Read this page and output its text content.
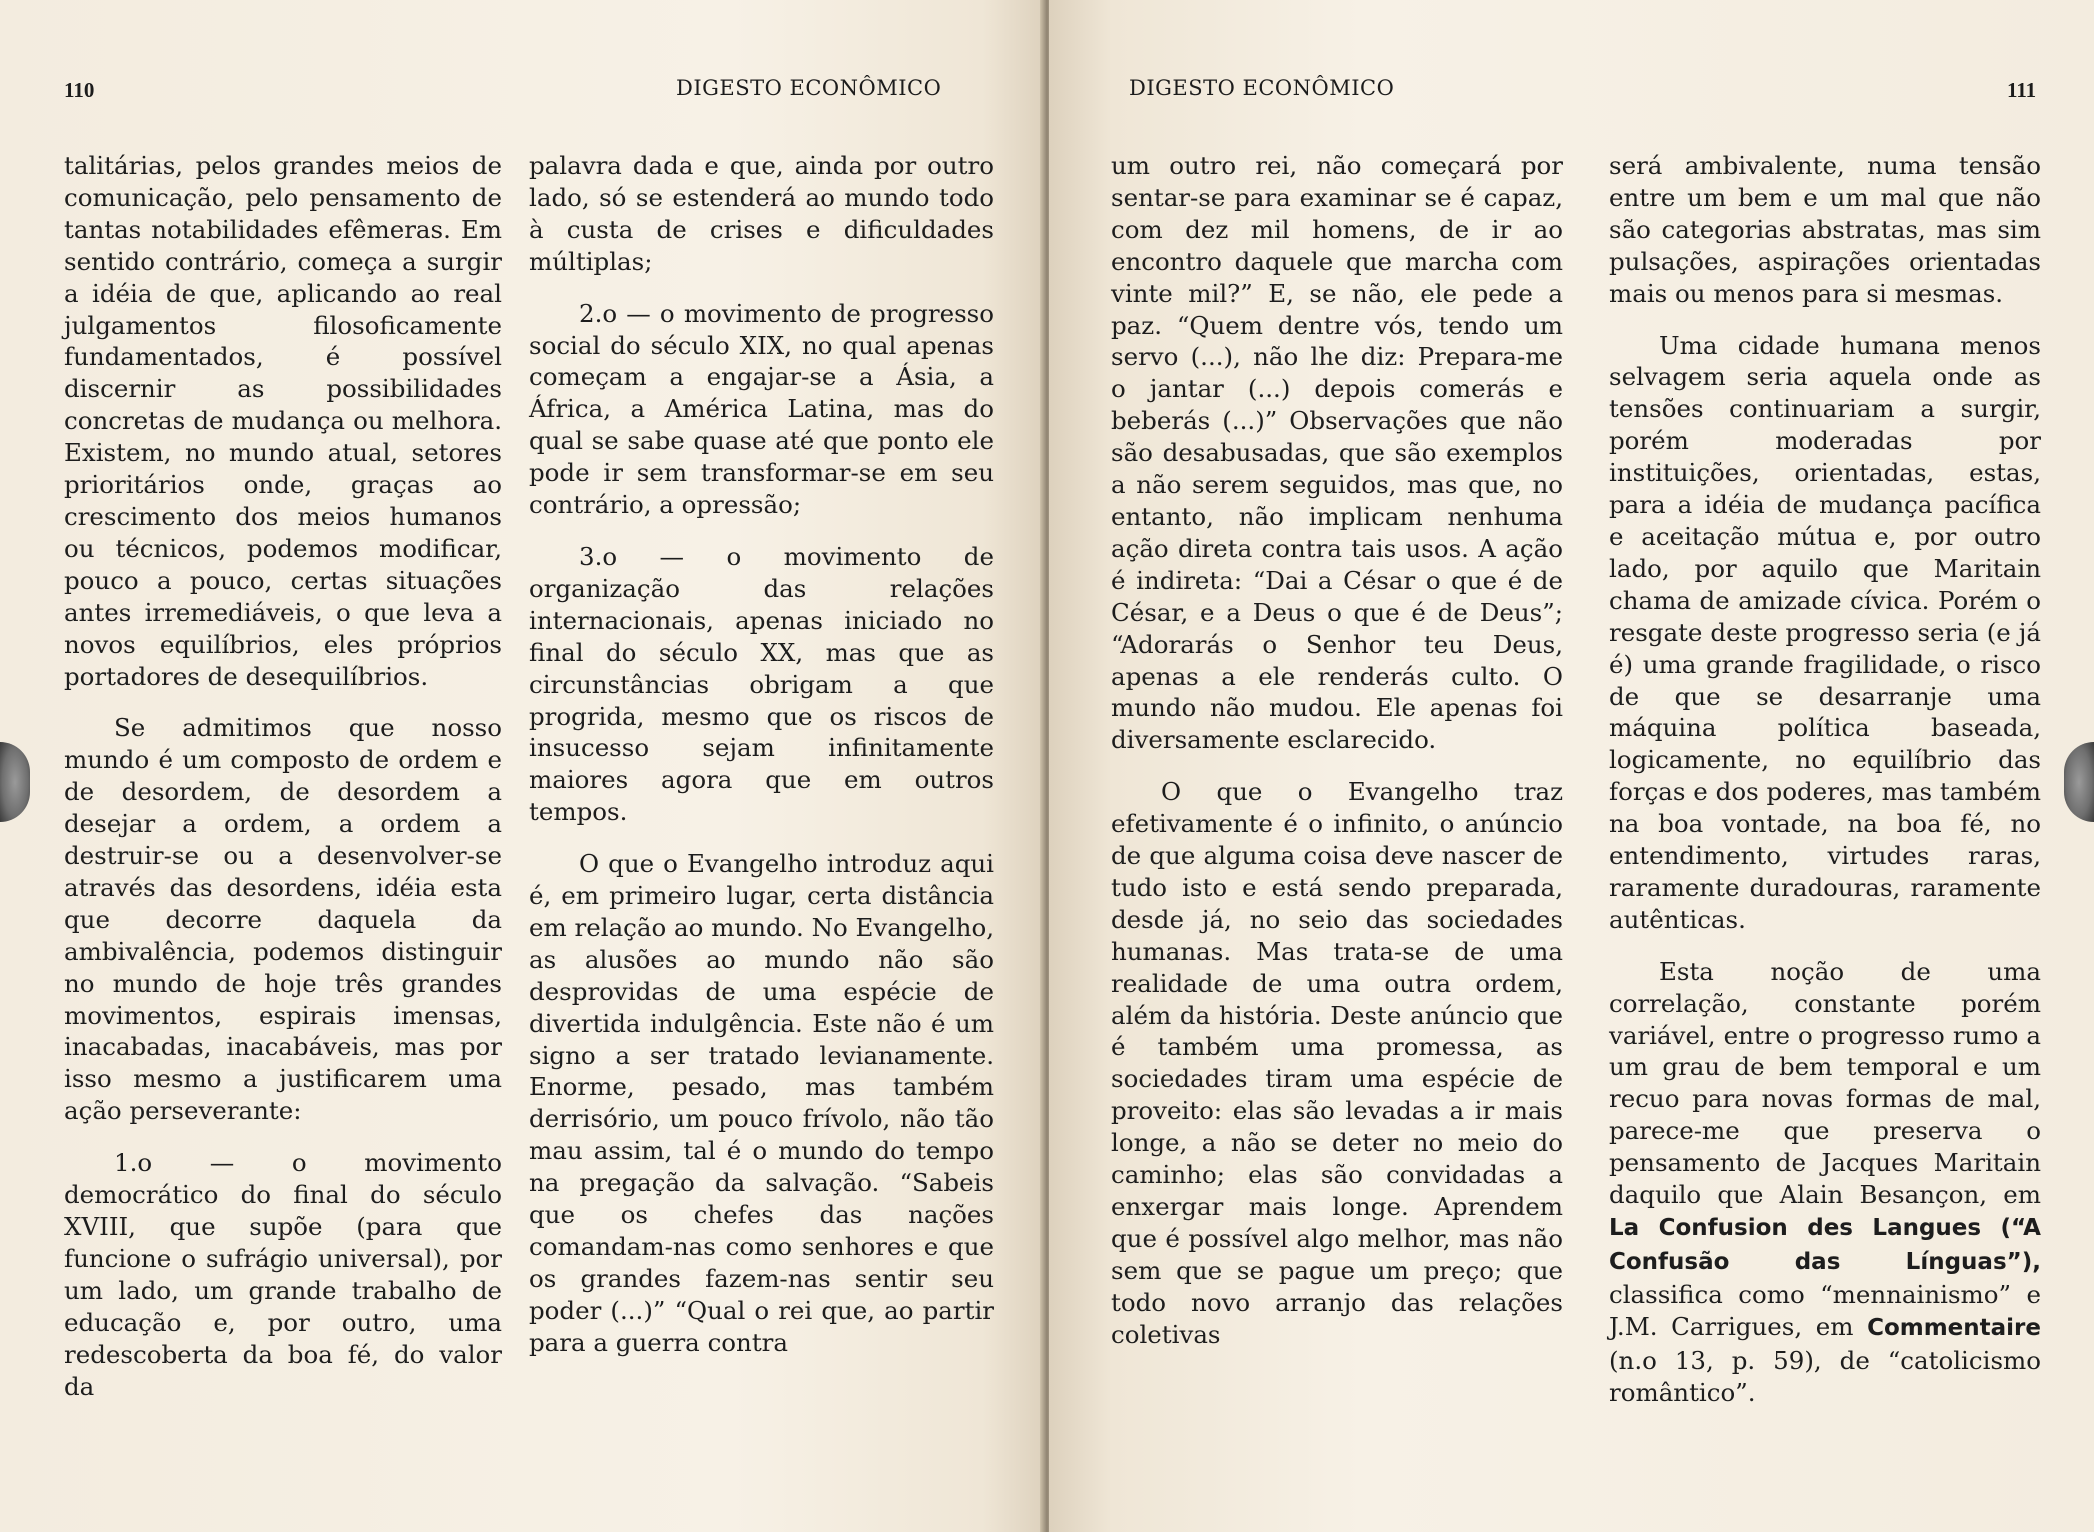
110	DIGESTO ECONÔMICO

talitárias, pelos grandes meios de comunicação, pelo pensamento de tantas notabilidades efêmeras. Em sentido contrário, começa a surgir a idéia de que, aplicando ao real julgamentos filosoficamente fundamentados, é possível discernir as possibilidades concretas de mudança ou melhora. Existem, no mundo atual, setores prioritários onde, graças ao crescimento dos meios humanos ou técnicos, podemos modificar, pouco a pouco, certas situações antes irremediáveis, o que leva a novos equilíbrios, eles próprios portadores de desequilíbrios.

Se admitimos que nosso mundo é um composto de ordem e de desordem, de desordem a desejar a ordem, a ordem a destruir-se ou a desenvolver-se através das desordens, idéia esta que decorre daquela da ambivalência, podemos distinguir no mundo de hoje três grandes movimentos, espirais imensas, inacabadas, inacabáveis, mas por isso mesmo a justificarem uma ação perseverante:

1.o — o movimento democrático do final do século XVIII, que supõe (para que funcione o sufrágio universal), por um lado, um grande trabalho de educação e, por outro, uma redescoberta da boa fé, do valor da

palavra dada e que, ainda por outro lado, só se estenderá ao mundo todo à custa de crises e dificuldades múltiplas;

2.o — o movimento de progresso social do século XIX, no qual apenas começam a engajar-se a Ásia, a África, a América Latina, mas do qual se sabe quase até que ponto ele pode ir sem transformar-se em seu contrário, a opressão;

3.o — o movimento de organização das relações internacionais, apenas iniciado no final do século XX, mas que as circunstâncias obrigam a que progrida, mesmo que os riscos de insucesso sejam infinitamente maiores agora que em outros tempos.

O que o Evangelho introduz aqui é, em primeiro lugar, certa distância em relação ao mundo. No Evangelho, as alusões ao mundo não são desprovidas de uma espécie de divertida indulgência. Este não é um signo a ser tratado levianamente. Enorme, pesado, mas também derrisório, um pouco frívolo, não tão mau assim, tal é o mundo do tempo na pregação da salvação. “Sabeis que os chefes das nações comandam-nas como senhores e que os grandes fazem-nas sentir seu poder (...)” “Qual o rei que, ao partir para a guerra contra

DIGESTO ECONÔMICO	111

um outro rei, não começará por sentar-se para examinar se é capaz, com dez mil homens, de ir ao encontro daquele que marcha com vinte mil?” E, se não, ele pede a paz. “Quem dentre vós, tendo um servo (...), não lhe diz: Prepara-me o jantar (...) depois comerás e beberás (...)” Observações que não são desabusadas, que são exemplos a não serem seguidos, mas que, no entanto, não implicam nenhuma ação direta contra tais usos. A ação é indireta: “Dai a César o que é de César, e a Deus o que é de Deus”; “Adorarás o Senhor teu Deus, apenas a ele renderás culto. O mundo não mudou. Ele apenas foi diversamente esclarecido.

O que o Evangelho traz efetivamente é o infinito, o anúncio de que alguma coisa deve nascer de tudo isto e está sendo preparada, desde já, no seio das sociedades humanas. Mas trata-se de uma realidade de uma outra ordem, além da história. Deste anúncio que é também uma promessa, as sociedades tiram uma espécie de proveito: elas são levadas a ir mais longe, a não se deter no meio do caminho; elas são convidadas a enxergar mais longe. Aprendem que é possível algo melhor, mas não sem que se pague um preço; que todo novo arranjo das relações coletivas

será ambivalente, numa tensão entre um bem e um mal que não são categorias abstratas, mas sim pulsações, aspirações orientadas mais ou menos para si mesmas.

Uma cidade humana menos selvagem seria aquela onde as tensões continuariam a surgir, porém moderadas por instituições, orientadas, estas, para a idéia de mudança pacífica e aceitação mútua e, por outro lado, por aquilo que Maritain chama de amizade cívica. Porém o resgate deste progresso seria (e já é) uma grande fragilidade, o risco de que se desarranje uma máquina política baseada, logicamente, no equilíbrio das forças e dos poderes, mas também na boa vontade, na boa fé, no entendimento, virtudes raras, raramente duradouras, raramente autênticas.

Esta noção de uma correlação, constante porém variável, entre o progresso rumo a um grau de bem temporal e um recuo para novas formas de mal, parece-me que preserva o pensamento de Jacques Maritain daquilo que Alain Besançon, em La Confusion des Langues (“A Confusão das Línguas”), classifica como “mennainismo” e J.M. Carrigues, em Commentaire (n.o 13, p. 59), de “catolicismo romântico”.
